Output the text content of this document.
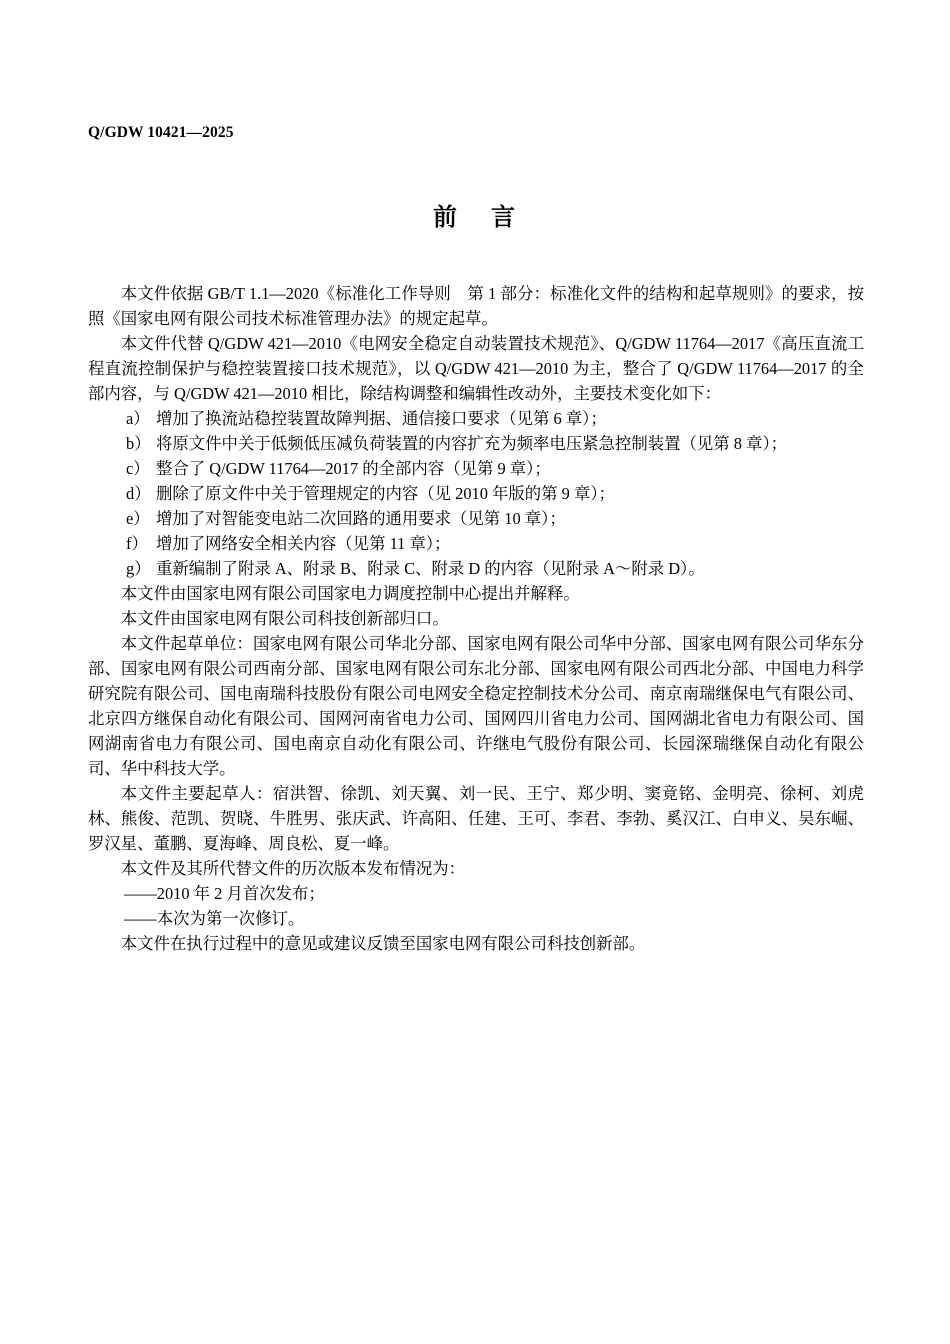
Q/GDW 10421—2025
前    言

本文件依据 GB/T 1.1—2020《标准化工作导则　第 1 部分：标准化文件的结构和起草规则》的要求，按照《国家电网有限公司技术标准管理办法》的规定起草。

本文件代替 Q/GDW 421—2010《电网安全稳定自动装置技术规范》、Q/GDW 11764—2017《高压直流工程直流控制保护与稳控装置接口技术规范》，以 Q/GDW 421—2010 为主，整合了 Q/GDW 11764—2017 的全部内容，与 Q/GDW 421—2010 相比，除结构调整和编辑性改动外，主要技术变化如下：

a） 增加了换流站稳控装置故障判据、通信接口要求（见第 6 章）；
b） 将原文件中关于低频低压减负荷装置的内容扩充为频率电压紧急控制装置（见第 8 章）；
c） 整合了 Q/GDW 11764—2017 的全部内容（见第 9 章）；
d） 删除了原文件中关于管理规定的内容（见 2010 年版的第 9 章）；
e） 增加了对智能变电站二次回路的通用要求（见第 10 章）；
f） 增加了网络安全相关内容（见第 11 章）；
g） 重新编制了附录 A、附录 B、附录 C、附录 D 的内容（见附录 A～附录 D）。

本文件由国家电网有限公司国家电力调度控制中心提出并解释。

本文件由国家电网有限公司科技创新部归口。

本文件起草单位：国家电网有限公司华北分部、国家电网有限公司华中分部、国家电网有限公司华东分部、国家电网有限公司西南分部、国家电网有限公司东北分部、国家电网有限公司西北分部、中国电力科学研究院有限公司、国电南瑞科技股份有限公司电网安全稳定控制技术分公司、南京南瑞继保电气有限公司、北京四方继保自动化有限公司、国网河南省电力公司、国网四川省电力公司、国网湖北省电力有限公司、国网湖南省电力有限公司、国电南京自动化有限公司、许继电气股份有限公司、长园深瑞继保自动化有限公司、华中科技大学。

本文件主要起草人：宿洪智、徐凯、刘天翼、刘一民、王宁、郑少明、窦竟铭、金明亮、徐柯、刘虎林、熊俊、范凯、贺晓、牛胜男、张庆武、许高阳、任建、王可、李君、李勃、奚汉江、白申义、吴东崛、罗汉星、董鹏、夏海峰、周良松、夏一峰。

本文件及其所代替文件的历次版本发布情况为：

——2010 年 2 月首次发布；
——本次为第一次修订。

本文件在执行过程中的意见或建议反馈至国家电网有限公司科技创新部。
